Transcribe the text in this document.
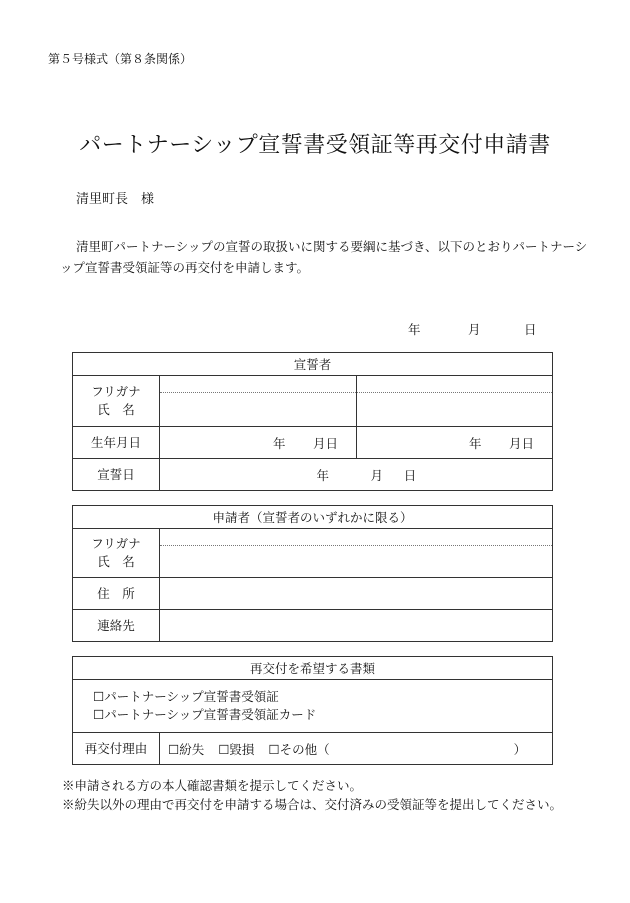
第５号様式（第８条関係）
パートナーシップ宣誓書受領証等再交付申請書
清里町長　様
清里町パートナーシップの宣誓の取扱いに関する要綱に基づき、以下のとおりパートナーシップ宣誓書受領証等の再交付を申請します。
年	月	日
宣誓者		

フリガナ
氏　名		

生年月日	年 月日	年 月日
宣誓日	年 月 日	
申請者（宣誓者のいずれかに限る）	

フリガナ
氏　名	

住　所	
連絡先	
再交付を希望する書類

☐パートナーシップ宣誓書受領証
☐パートナーシップ宣誓書受領証カード

再交付理由	☐紛失 ☐毀損 ☐その他（	）
※申請される方の本人確認書類を提示してください。
※紛失以外の理由で再交付を申請する場合は、交付済みの受領証等を提出してください。
